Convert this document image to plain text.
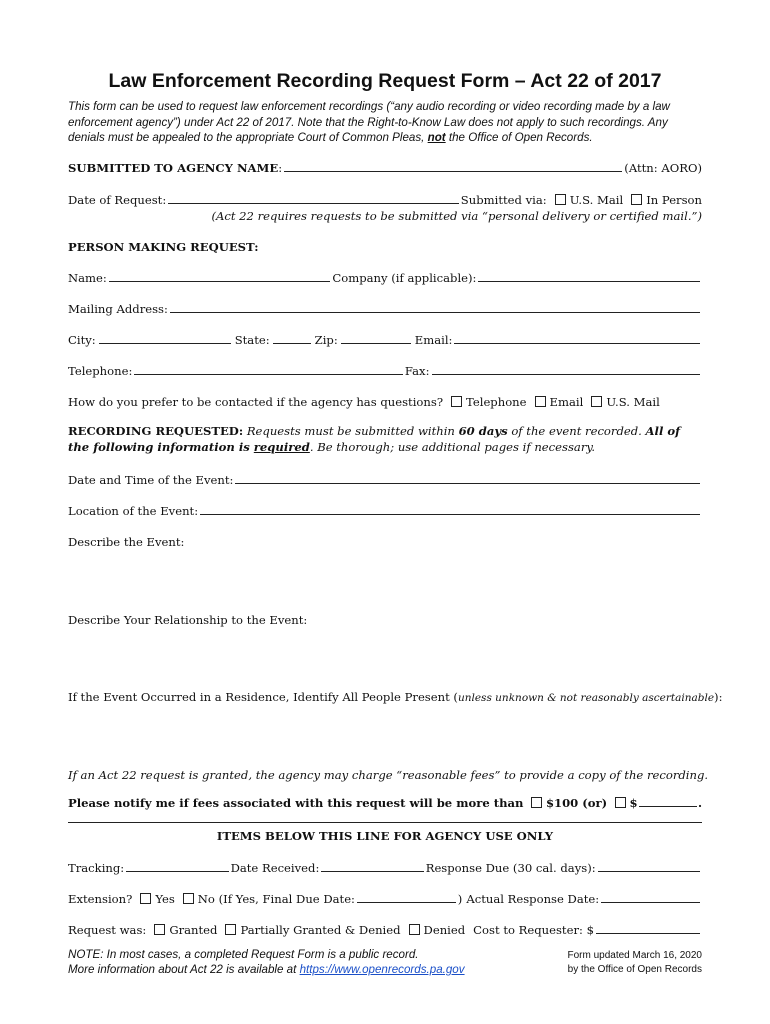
Law Enforcement Recording Request Form – Act 22 of 2017
This form can be used to request law enforcement recordings (“any audio recording or video recording made by a law enforcement agency”) under Act 22 of 2017. Note that the Right-to-Know Law does not apply to such recordings. Any denials must be appealed to the appropriate Court of Common Pleas, not the Office of Open Records.
SUBMITTED TO AGENCY NAME :	(Attn: AORO)
Date of Request:	Submitted via: U.S. Mail In Person
(Act 22 requires requests to be submitted via “personal delivery or certified mail.”)
PERSON MAKING REQUEST:
Name:	Company (if applicable):
Mailing Address:
City:	State:	Zip:	Email:
Telephone:	Fax:
How do you prefer to be contacted if the agency has questions? Telephone Email U.S. Mail
RECORDING REQUESTED: Requests must be submitted within 60 days of the event recorded. All of the following information is required. Be thorough; use additional pages if necessary.
Date and Time of the Event:
Location of the Event:
Describe the Event:
Describe Your Relationship to the Event:
If the Event Occurred in a Residence, Identify All People Present ( unless unknown & not reasonably ascertainable ):
If an Act 22 request is granted, the agency may charge “reasonable fees” to provide a copy of the recording.
Please notify me if fees associated with this request will be more than $100 (or) $	.
ITEMS BELOW THIS LINE FOR AGENCY USE ONLY
Tracking:	Date Received:	Response Due (30 cal. days):
Extension? Yes No (If Yes, Final Due Date:	) Actual Response Date:
Request was: Granted Partially Granted & Denied Denied Cost to Requester: $
NOTE: In most cases, a completed Request Form is a public record.
More information about Act 22 is available at https://www.openrecords.pa.gov
Form updated March 16, 2020
by the Office of Open Records
